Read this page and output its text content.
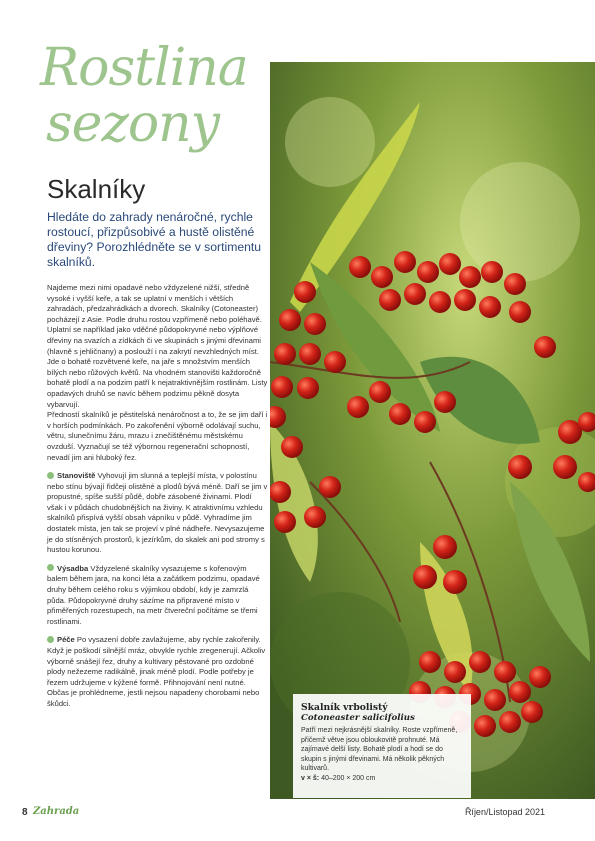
Rostlina
sezony
Skalníky
Hledáte do zahrady nenáročné, rychle rostoucí, přizpůsobivé a hustě olistěné dřeviny? Porozhlédněte se v sortimentu skalníků.

Najdeme mezi nimi opadavé nebo vždyzelené nižší, středně vysoké i vyšší keře, a tak se uplatní v menších i větších zahradách, předzahrádkách a dvorech. Skalníky (Cotoneaster) pocházejí z Asie. Podle druhu rostou vzpřímeně nebo poléhavě. Uplatní se například jako vděčné půdopokryvné nebo výplňové dřeviny na svazích a zídkách či ve skupinách s jinými dřevinami (hlavně s jehličnany) a poslouží i na zakrytí nevzhledných míst. Jde o bohatě rozvětvené keře, na jaře s množstvím menších bílých nebo růžových květů. Na vhodném stanovišti každoročně bohatě plodí a na podzim patří k nejatraktivnějším rostlinám. Listy opadavých druhů se navíc během podzimu pěkně dosyta vybarvují.

Předností skalníků je pěstitelská nenáročnost a to, že se jim daří i v horších podmínkách. Po zakořenění výborně odolávají suchu, větru, slunečnímu žáru, mrazu i znečištěnému městskému ovzduší. Vyznačují se též výbornou regenerační schopností, nevadí jim ani hluboký řez.

Stanoviště Vyhovují jim slunná a teplejší místa, v polostínu nebo stínu bývají řidčeji olistěné a plodů bývá méně. Daří se jim v propustné, spíše sušší půdě, dobře zásobené živinami. Plodí však i v půdách chudobnějších na živiny. K atraktivnímu vzhledu skalníků přispívá vyšší obsah vápníku v půdě. Vyhradíme jim dostatek místa, jen tak se projeví v plné nádheře. Nevysazujeme je do stísněných prostorů, k jezírkům, do skalek ani pod stromy s hustou korunou.

Výsadba Vždyzelené skalníky vysazujeme s kořenovým balem během jara, na konci léta a začátkem podzimu, opadavé druhy během celého roku s výjimkou období, kdy je zamrzlá půda. Půdopokryvné druhy sázíme na připravené místo v přiměřených rozestupech, na metr čtvereční počítáme se třemi rostlinami.

Péče Po vysazení dobře zavlažujeme, aby rychle zakořenily. Když je poškodí silnější mráz, obvykle rychle zregenerují. Ačkoliv výborně snášejí řez, druhy a kultivary pěstované pro ozdobné plody nežezeme radikálně, jinak méně plodí. Podle potřeby je řezem udržujeme v kýžené formě. Přihnojování není nutné. Občas je prohlédneme, jestli nejsou napadeny chorobami nebo škůdci.	Skalník vrbolistý
Cotoneaster salicifolius
Patří mezi nejkrásnější skalníky. Roste vzpřímeně, přičemž větve jsou obloukovitě prohnuté. Má zajímavé delší listy. Bohatě plodí a hodí se do skupin s jinými dřevinami. Má několik pěkných kultivarů.
v × š: 40–200 × 200 cm
8 Zahrada	Říjen/Listopad 2021
